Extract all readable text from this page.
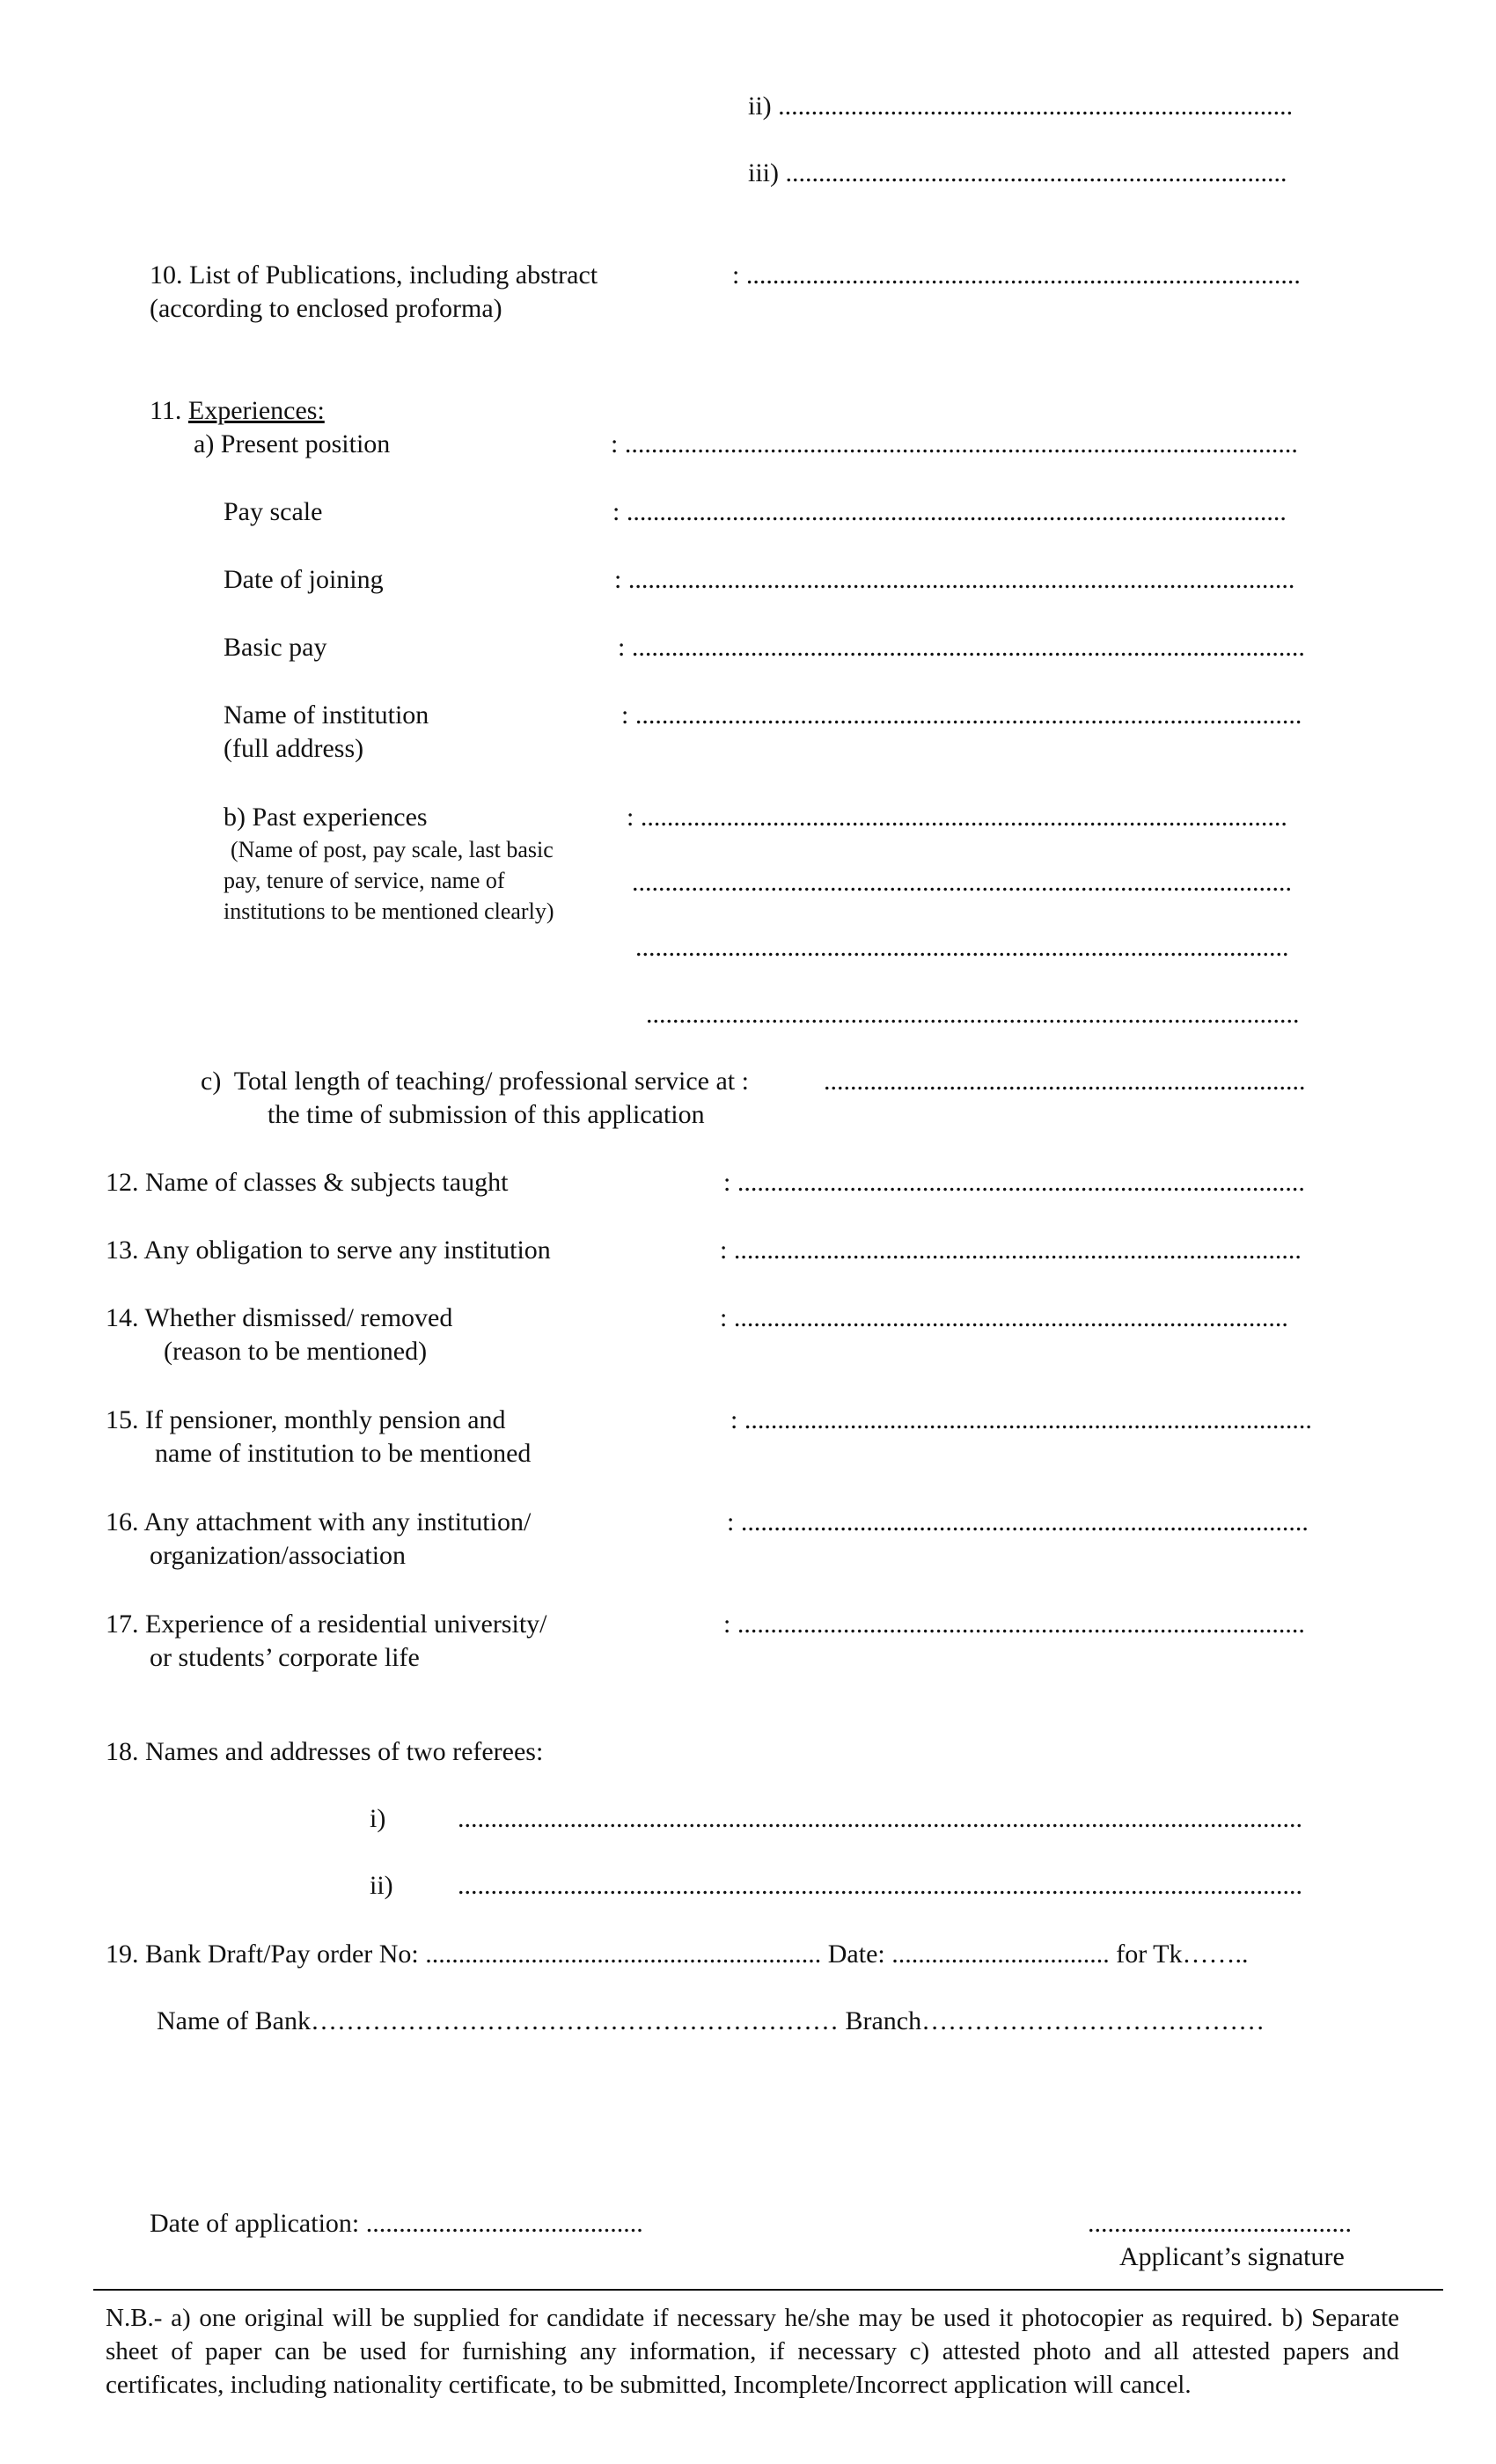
ii) ..............................................................................
iii) ............................................................................
10. List of Publications, including abstract
(according to enclosed proforma)
: ....................................................................................
11. Experiences:
a) Present position	: ......................................................................................................
Pay scale	: ....................................................................................................
Date of joining	: .....................................................................................................
Basic pay	: ......................................................................................................
Name of institution
(full address)
: .....................................................................................................
b) Past experiences	: ..................................................................................................
(Name of post, pay scale, last basic
pay, tenure of service, name of
institutions to be mentioned clearly)
....................................................................................................
...................................................................................................
...................................................................................................
c)  Total length of teaching/ professional service at :	.........................................................................
the time of submission of this application
12. Name of classes & subjects taught	: ......................................................................................
13. Any obligation to serve any institution	: ......................................................................................
14. Whether dismissed/ removed
(reason to be mentioned)
: ....................................................................................
15. If pensioner, monthly pension and
name of institution to be mentioned
: ......................................................................................
16. Any attachment with any institution/
organization/association
: ......................................................................................
17. Experience of a residential university/
or students’ corporate life
: ......................................................................................
18. Names and addresses of two referees:
i)	................................................................................................................................
ii) ................................................................................................................................
19. Bank Draft/Pay order No: ............................................................ Date: ................................. for Tk……..
Name of Bank…………………………………………………… Branch…………………………………
Date of application: ..........................................	........................................
Applicant’s signature
N.B.- a) one original will be supplied for candidate if necessary he/she may be used it photocopier as required. b) Separate sheet of paper can be used for furnishing any information, if necessary c) attested photo and all attested papers and certificates, including nationality certificate, to be submitted, Incomplete/Incorrect application will cancel.
